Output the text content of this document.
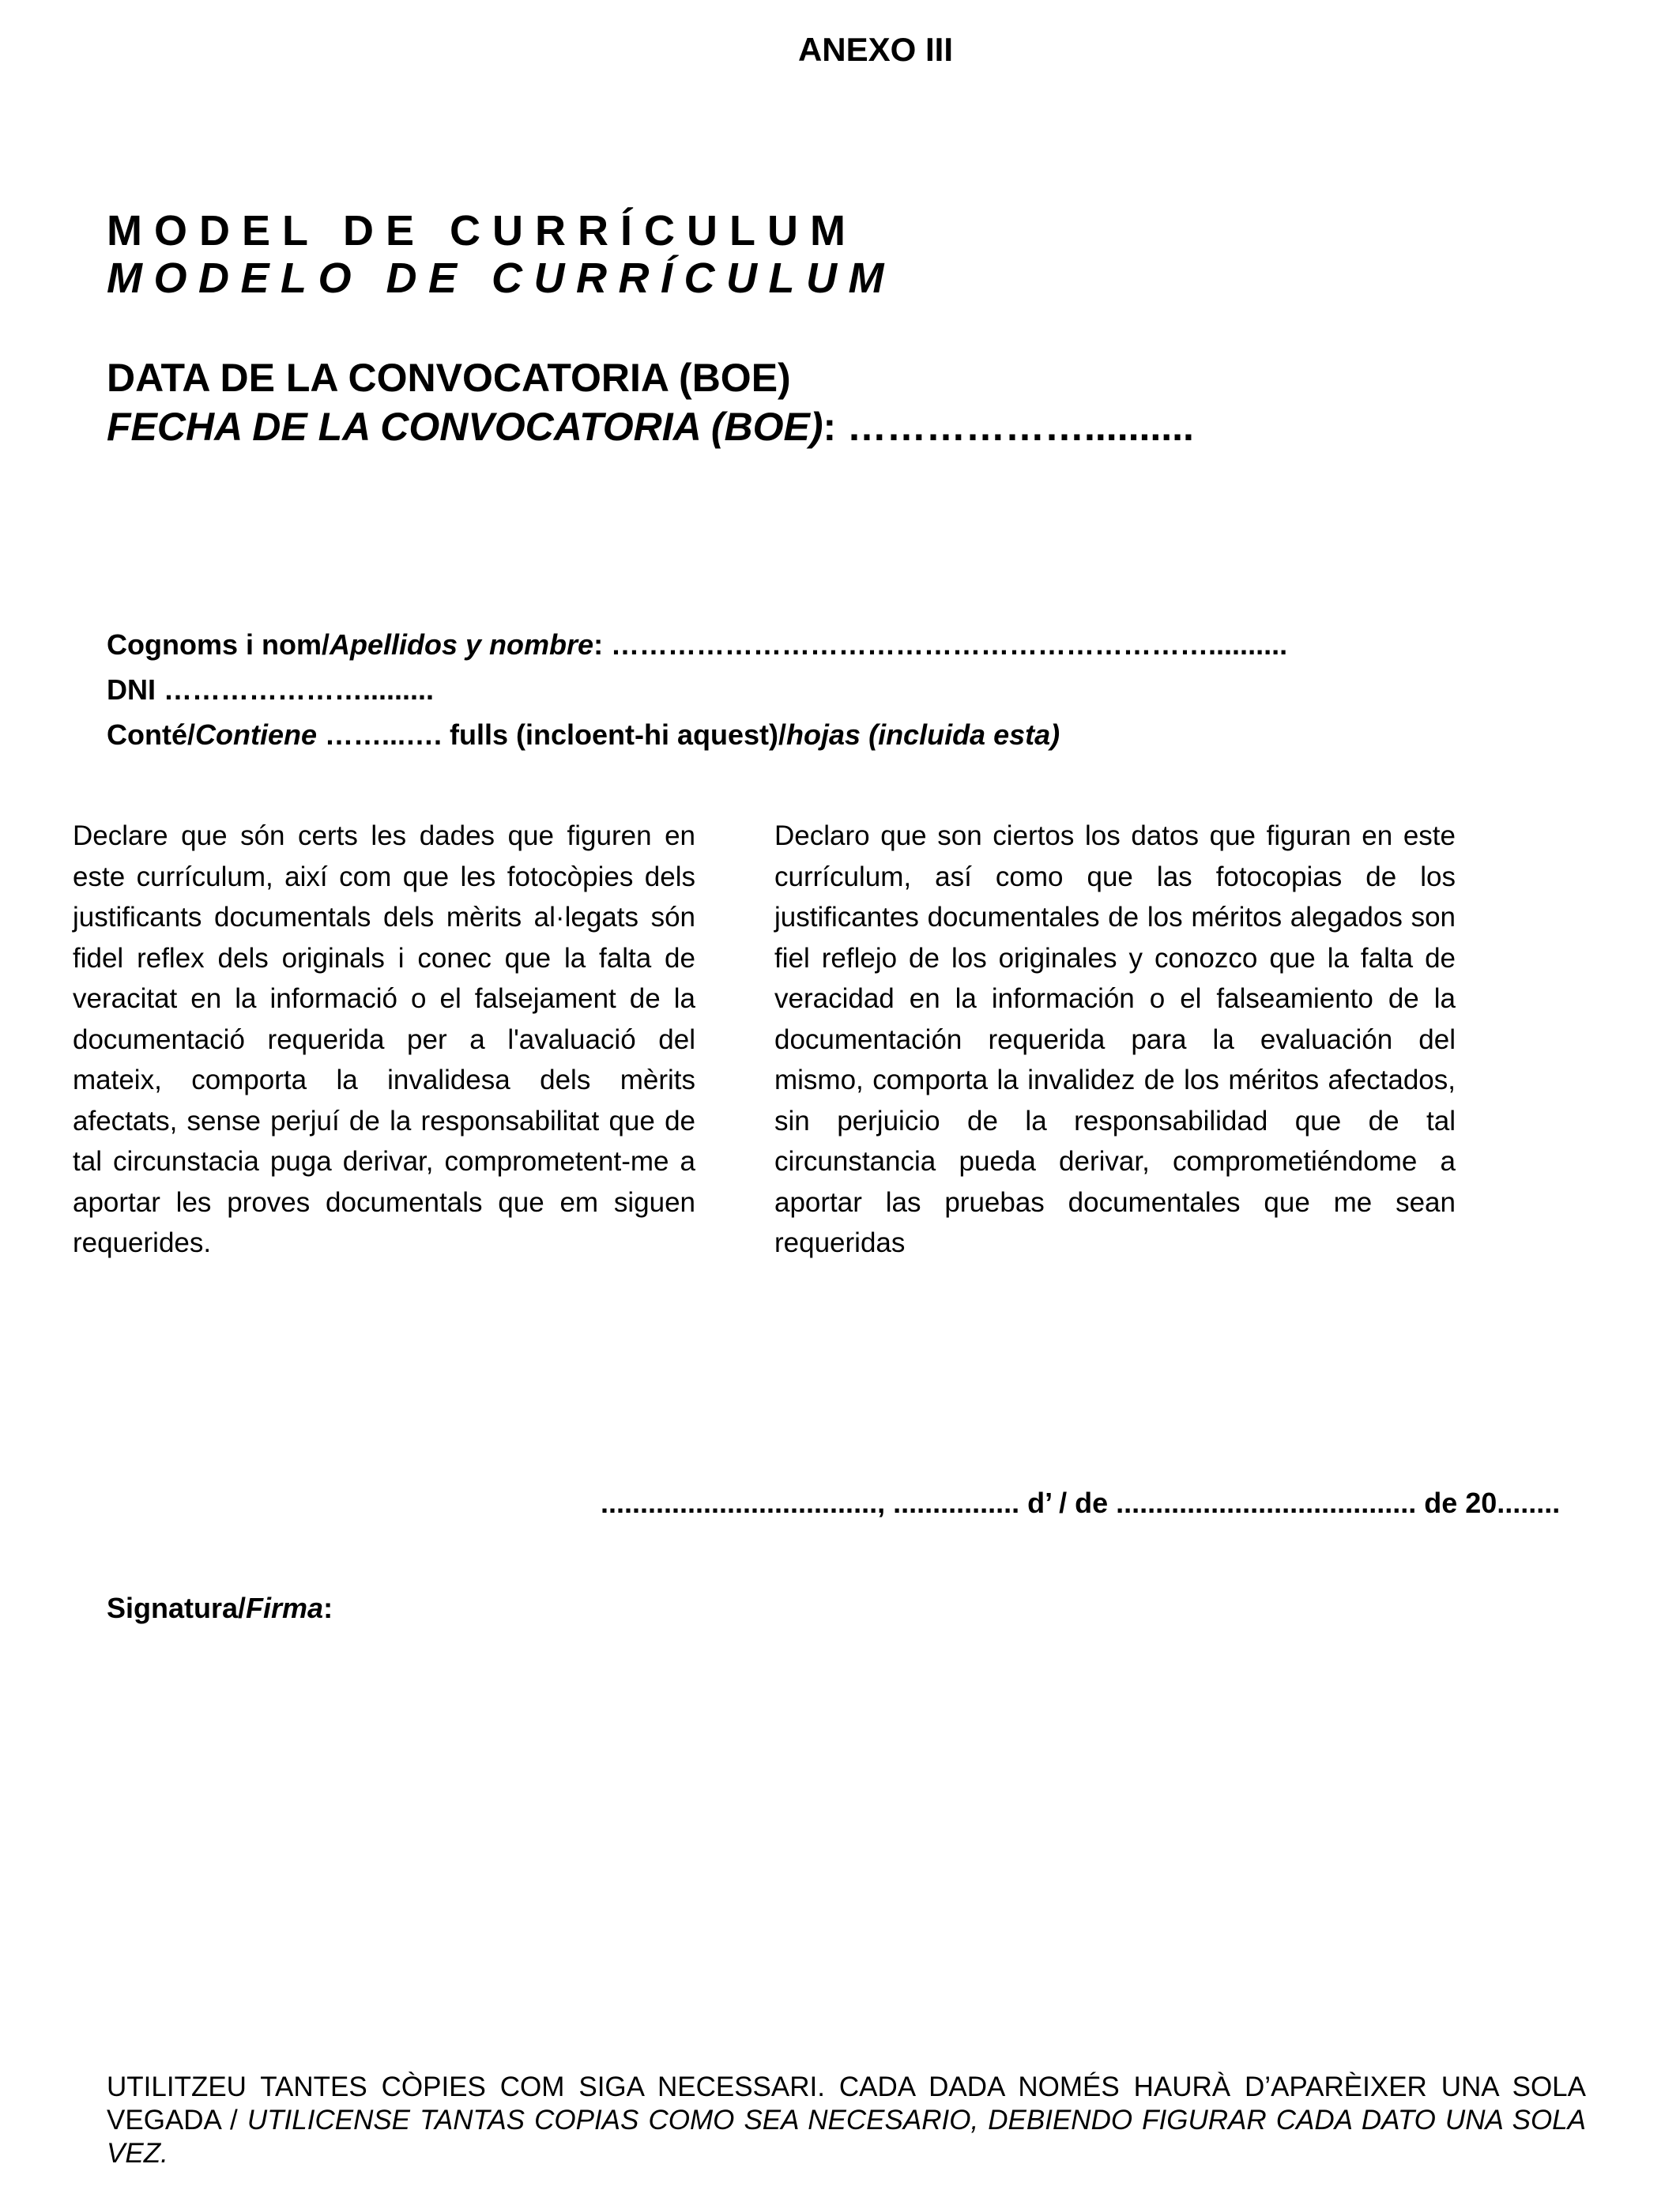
ANEXO III
MODEL DE CURRÍCULUM
MODELO DE CURRÍCULUM
DATA DE LA CONVOCATORIA (BOE)
FECHA DE LA CONVOCATORIA (BOE): ………………..........
Cognoms i nom/Apellidos y nombre: ………………………………………………………..........
DNI ………………….........
Conté/Contiene ……...…. fulls (incloent-hi aquest)/hojas (incluida esta)

Declare que són certs les dades que figuren en este currículum, així com que les fotocòpies dels justificants documentals dels mèrits al·legats són fidel reflex dels originals i conec que la falta de veracitat en la informació o el falsejament de la documentació requerida per a l'avaluació del mateix, comporta la invalidesa dels mèrits afectats, sense perjuí de la responsabilitat que de tal circunstacia puga derivar, comprometent-me a aportar les proves documentals que em siguen requerides.

Declaro que son ciertos los datos que figuran en este currículum, así como que las fotocopias de los justificantes documentales de los méritos alegados son fiel reflejo de los originales y conozco que la falta de veracidad en la información o el falseamiento de la documentación requerida para la evaluación del mismo, comporta la invalidez de los méritos afectados, sin perjuicio de la responsabilidad que de tal circunstancia pueda derivar, comprometiéndome a aportar las pruebas documentales que me sean requeridas

..................................., ................ d’ / de ...................................... de 20........
Signatura/Firma:

UTILITZEU TANTES CÒPIES COM SIGA NECESSARI. CADA DADA NOMÉS HAURÀ D’APARÈIXER UNA SOLA VEGADA / UTILICENSE TANTAS COPIAS COMO SEA NECESARIO, DEBIENDO FIGURAR CADA DATO UNA SOLA VEZ.
